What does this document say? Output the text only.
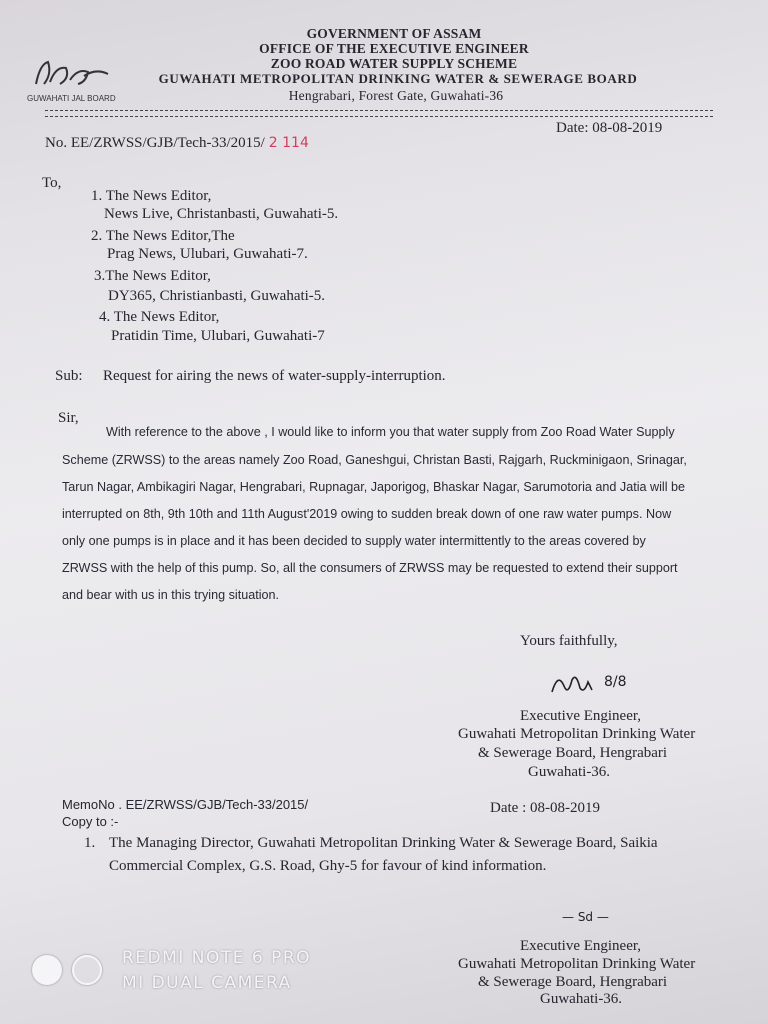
GUWAHATI JAL BOARD
GOVERNMENT OF ASSAM
OFFICE OF THE EXECUTIVE ENGINEER
ZOO ROAD WATER SUPPLY SCHEME
GUWAHATI METROPOLITAN DRINKING WATER & SEWERAGE BOARD
Hengrabari, Forest Gate, Guwahati-36
No. EE/ZRWSS/GJB/Tech-33/2015/ 2 114
Date: 08-08-2019
To,
1. The News Editor,
News Live, Christanbasti, Guwahati-5.
2. The News Editor,The
Prag News, Ulubari, Guwahati-7.
3.The News Editor,
DY365, Christianbasti, Guwahati-5.
4. The News Editor,
Pratidin Time, Ulubari, Guwahati-7
Sub: Request for airing the news of water-supply-interruption.
Sir,
With reference to the above , I would like to inform you that water supply from Zoo Road Water Supply
Scheme (ZRWSS) to the areas namely Zoo Road, Ganeshgui, Christan Basti, Rajgarh, Ruckminigaon, Srinagar,
Tarun Nagar, Ambikagiri Nagar, Hengrabari, Rupnagar, Japorigog, Bhaskar Nagar, Sarumotoria and Jatia will be
interrupted on 8th, 9th 10th and 11th August'2019 owing to sudden break down of one raw water pumps. Now
only one pumps is in place and it has been decided to supply water intermittently to the areas covered by
ZRWSS with the help of this pump. So, all the consumers of ZRWSS may be requested to extend their support
and bear with us in this trying situation.
Yours faithfully,
8/8
Executive Engineer,
Guwahati Metropolitan Drinking Water
& Sewerage Board, Hengrabari
Guwahati-36.
MemoNo . EE/ZRWSS/GJB/Tech-33/2015/	Date : 08-08-2019
Copy to :-
1. The Managing Director, Guwahati Metropolitan Drinking Water & Sewerage Board, Saikia
Commercial Complex, G.S. Road, Ghy-5 for favour of kind information.
— Sd —
Executive Engineer,
Guwahati Metropolitan Drinking Water
& Sewerage Board, Hengrabari
Guwahati-36.
REDMI NOTE 6 PRO
MI DUAL CAMERA
